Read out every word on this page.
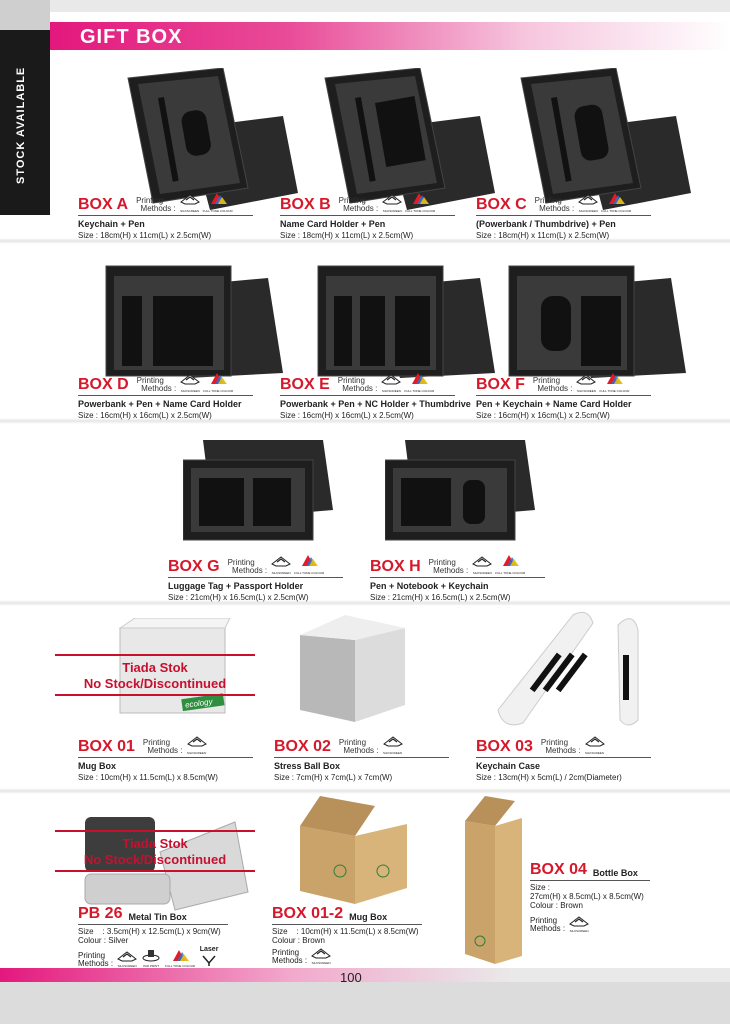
STOCK AVAILABLE
GIFT BOX
ecology
Tiada Stok
No Stock/Discontinued
Tiada Stok
No Stock/Discontinued
BOX A Printing
Methods : SILKSCREEN FULL TONE COLOUR
Keychain + Pen
Size : 18cm(H) x 11cm(L) x 2.5cm(W)
BOX B Printing
Methods : SILKSCREEN FULL TONE COLOUR
Name Card Holder + Pen
Size : 18cm(H) x 11cm(L) x 2.5cm(W)
BOX C Printing
Methods : SILKSCREEN FULL TONE COLOUR
(Powerbank / Thumbdrive) + Pen
Size : 18cm(H) x 11cm(L) x 2.5cm(W)
BOX D Printing
Methods : SILKSCREEN FULL TONE COLOUR
Powerbank + Pen + Name Card Holder
Size : 16cm(H) x 16cm(L) x 2.5cm(W)
BOX E Printing
Methods : SILKSCREEN FULL TONE COLOUR
Powerbank + Pen + NC Holder + Thumbdrive
Size : 16cm(H) x 16cm(L) x 2.5cm(W)
BOX F Printing
Methods : SILKSCREEN FULL TONE COLOUR
Pen + Keychain + Name Card Holder
Size : 16cm(H) x 16cm(L) x 2.5cm(W)
BOX G Printing
Methods : SILKSCREEN FULL TONE COLOUR
Luggage Tag + Passport Holder
Size : 21cm(H) x 16.5cm(L) x 2.5cm(W)
BOX H Printing
Methods : SILKSCREEN FULL TONE COLOUR
Pen + Notebook + Keychain
Size : 21cm(H) x 16.5cm(L) x 2.5cm(W)
BOX 01 Printing
Methods : SILKSCREEN
Mug Box
Size : 10cm(H) x 11.5cm(L) x 8.5cm(W)
BOX 02 Printing
Methods : SILKSCREEN
Stress Ball Box
Size : 7cm(H) x 7cm(L) x 7cm(W)
BOX 03 Printing
Methods : SILKSCREEN
Keychain Case
Size : 13cm(H) x 5cm(L) / 2cm(Diameter)
PB 26 Metal Tin Box
Size : 3.5cm(H) x 12.5cm(L) x 9cm(W)
Colour : Silver
Printing
Methods : SILKSCREEN	PAD PRINT	FULL TONE COLOUR
Laser
BOX 01-2 Mug Box
Size : 10cm(H) x 11.5cm(L) x 8.5cm(W)
Colour : Brown
Printing
Methods : SILKSCREEN
BOX 04 Bottle Box
Size :
27cm(H) x 8.5cm(L) x 8.5cm(W)
Colour : Brown
Printing
Methods : SILKSCREEN
100
